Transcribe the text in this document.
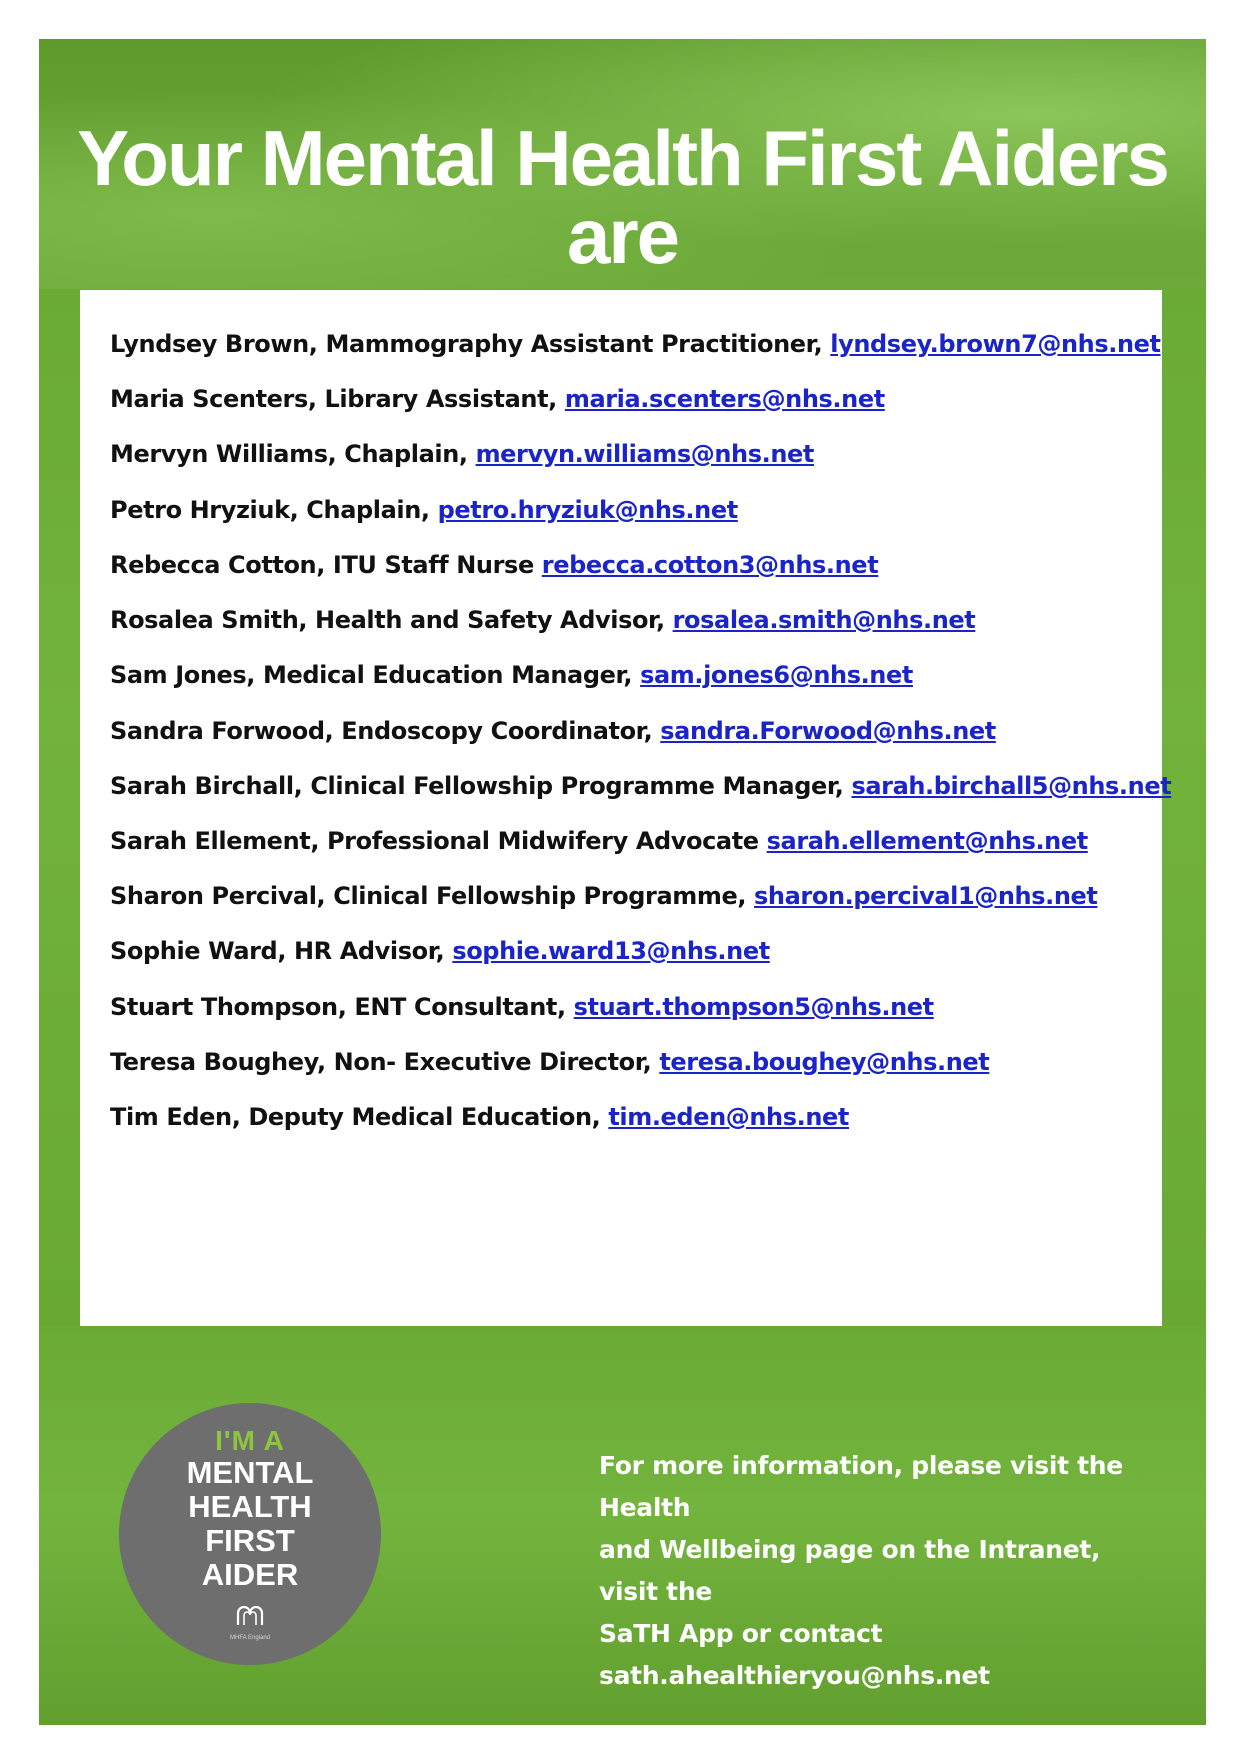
Your Mental Health First Aiders are
Lyndsey Brown, Mammography Assistant Practitioner, lyndsey.brown7@nhs.net
Maria Scenters, Library Assistant, maria.scenters@nhs.net
Mervyn Williams, Chaplain, mervyn.williams@nhs.net
Petro Hryziuk, Chaplain, petro.hryziuk@nhs.net
Rebecca Cotton, ITU Staff Nurse rebecca.cotton3@nhs.net
Rosalea Smith, Health and Safety Advisor, rosalea.smith@nhs.net
Sam Jones, Medical Education Manager, sam.jones6@nhs.net
Sandra Forwood, Endoscopy Coordinator, sandra.Forwood@nhs.net
Sarah Birchall, Clinical Fellowship Programme Manager, sarah.birchall5@nhs.net
Sarah Ellement, Professional Midwifery Advocate sarah.ellement@nhs.net
Sharon Percival, Clinical Fellowship Programme, sharon.percival1@nhs.net
Sophie Ward, HR Advisor, sophie.ward13@nhs.net
Stuart Thompson, ENT Consultant, stuart.thompson5@nhs.net
Teresa Boughey, Non- Executive Director, teresa.boughey@nhs.net
Tim Eden, Deputy Medical Education, tim.eden@nhs.net
I'M A
MENTAL
HEALTH
FIRST
AIDER
MHFA England
For more information, please visit the Health
and Wellbeing page on the Intranet, visit the
SaTH App or contact
sath.ahealthieryou@nhs.net
